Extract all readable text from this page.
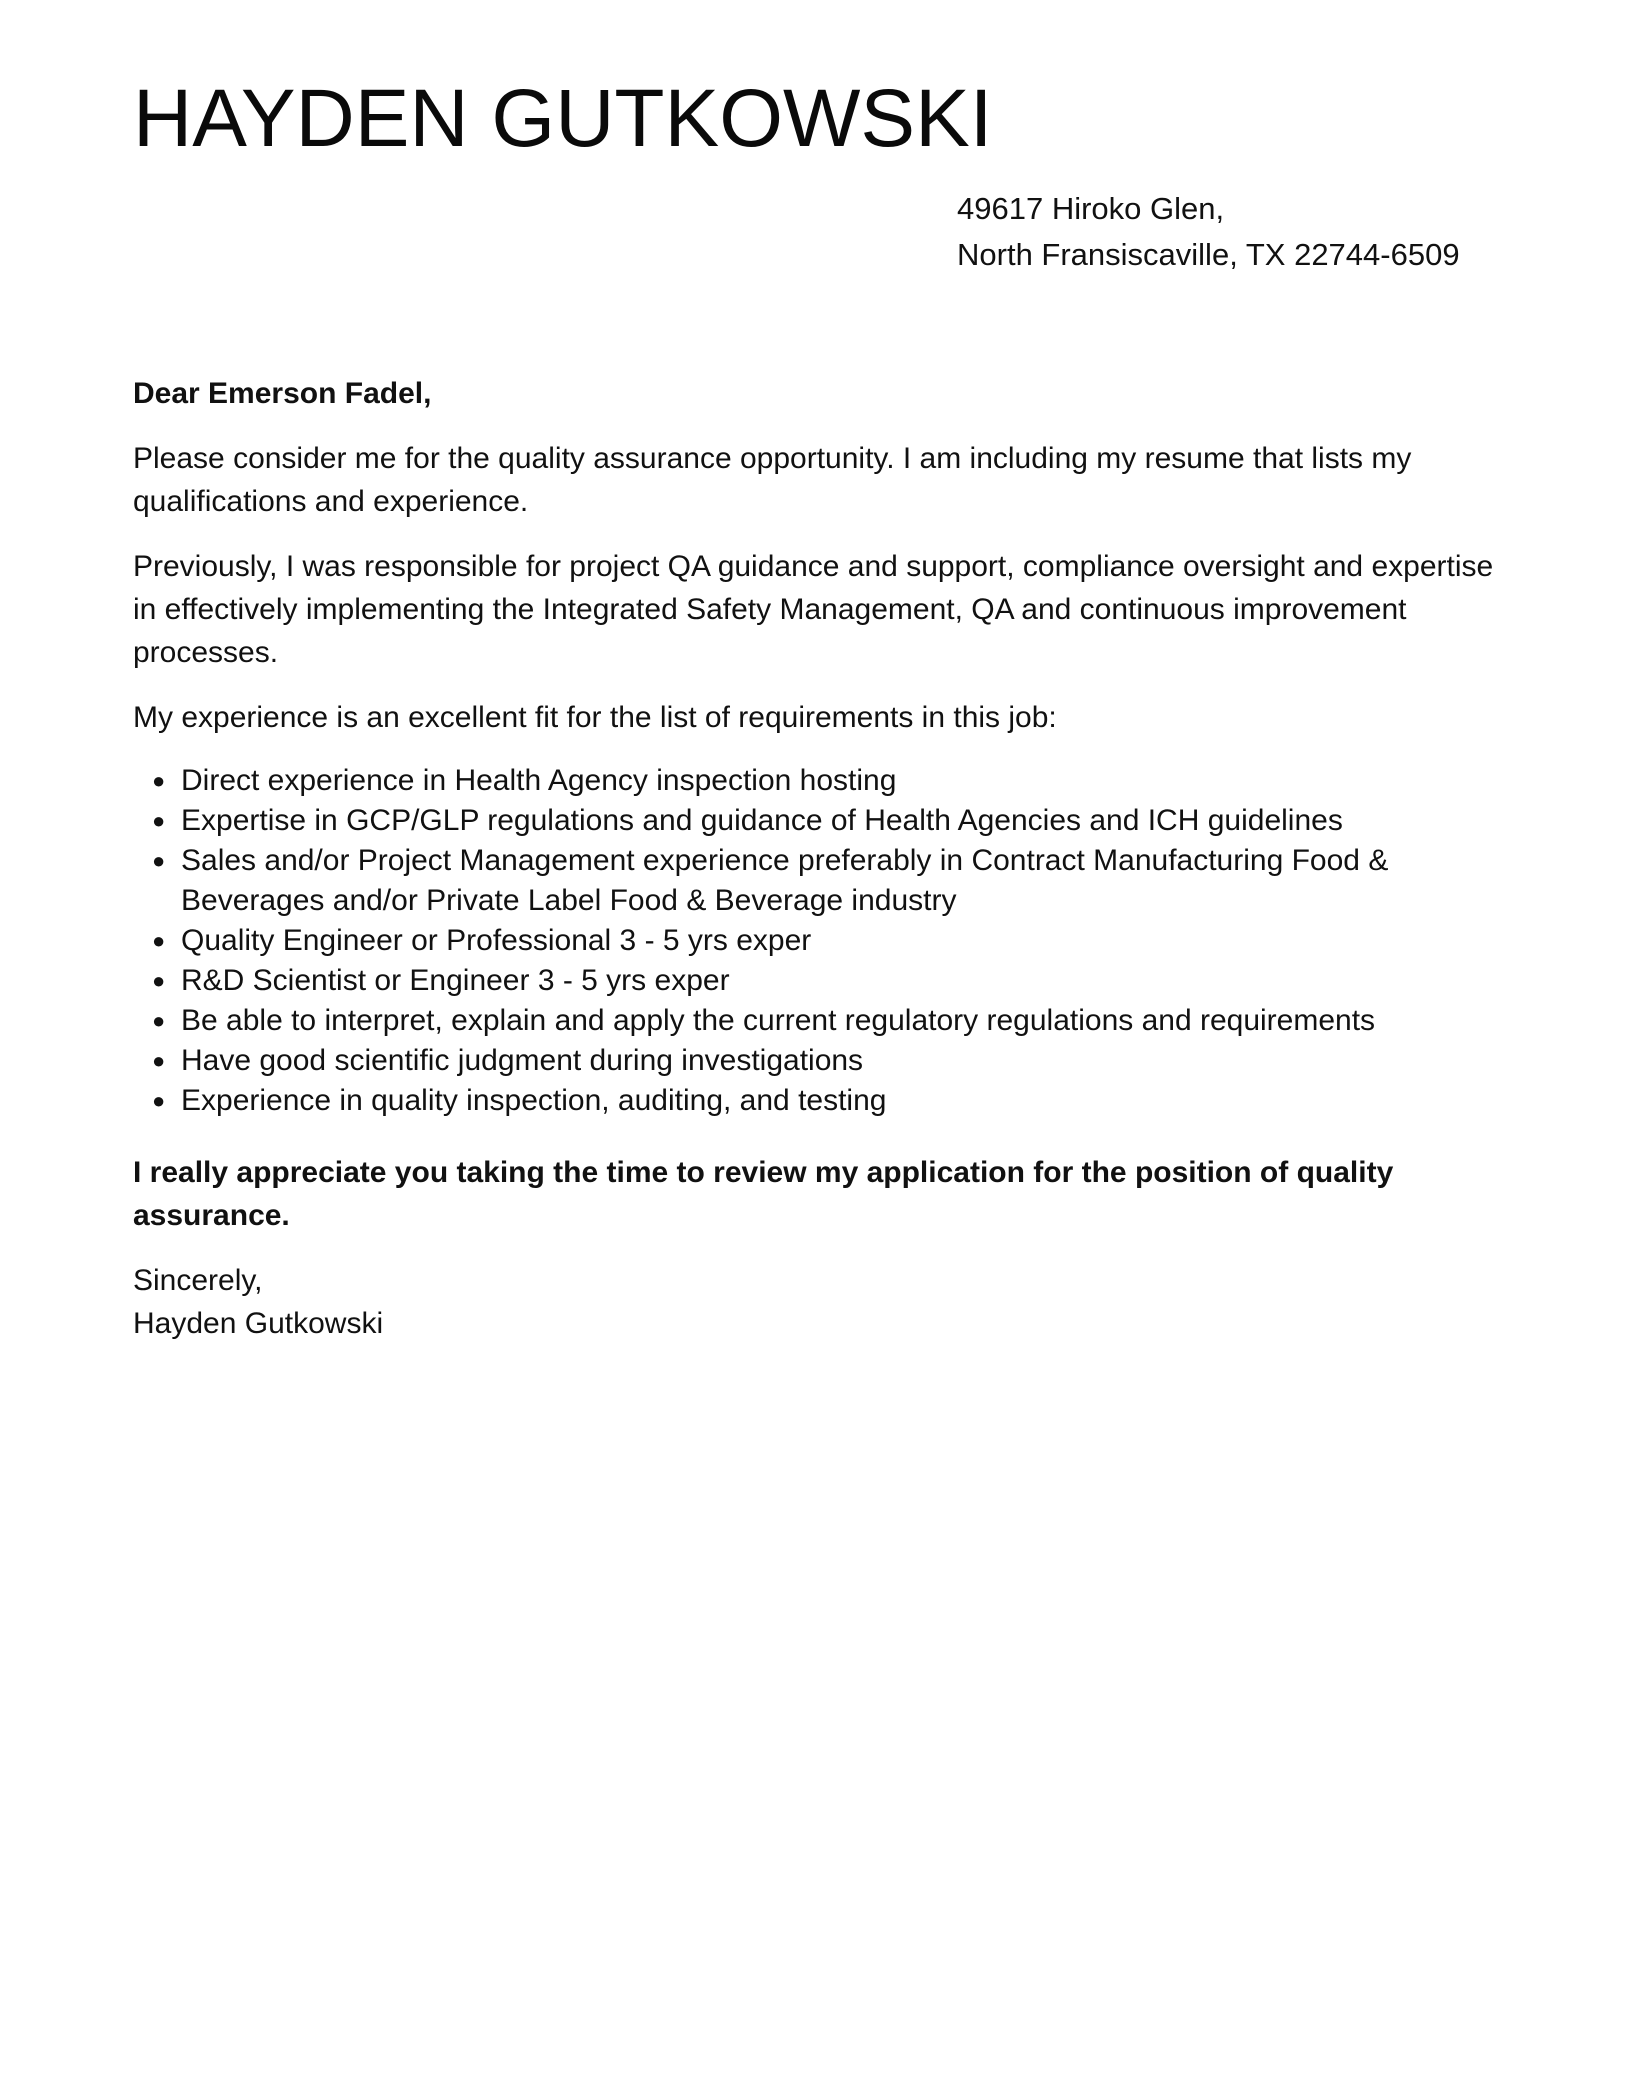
HAYDEN GUTKOWSKI
49617 Hiroko Glen,
North Fransiscaville, TX 22744-6509

Dear Emerson Fadel,

Please consider me for the quality assurance opportunity. I am including my resume that lists my qualifications and experience.

Previously, I was responsible for project QA guidance and support, compliance oversight and expertise in effectively implementing the Integrated Safety Management, QA and continuous improvement processes.

My experience is an excellent fit for the list of requirements in this job:

● Direct experience in Health Agency inspection hosting
● Expertise in GCP/GLP regulations and guidance of Health Agencies and ICH guidelines
● Sales and/or Project Management experience preferably in Contract Manufacturing Food & Beverages and/or Private Label Food & Beverage industry
● Quality Engineer or Professional 3 - 5 yrs exper
● R&D Scientist or Engineer 3 - 5 yrs exper
● Be able to interpret, explain and apply the current regulatory regulations and requirements
● Have good scientific judgment during investigations
● Experience in quality inspection, auditing, and testing

I really appreciate you taking the time to review my application for the position of quality assurance.

Sincerely,
Hayden Gutkowski
